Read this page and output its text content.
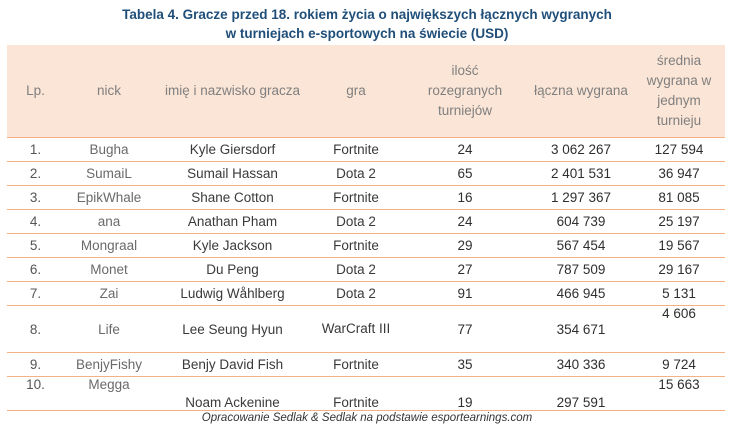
Tabela 4. Gracze przed 18. rokiem życia o największych łącznych wygranych
w turniejach e-sportowych na świecie (USD)
Lp.	nick	imię i nazwisko gracza	gra	ilość rozegranych turniejów	łączna wygrana	średnia wygrana w jednym turnieju
1.	Bugha	Kyle Giersdorf	Fortnite	24	3 062 267	127 594
2.	SumaiL	Sumail Hassan	Dota 2	65	2 401 531	36 947
3.	EpikWhale	Shane Cotton	Fortnite	16	1 297 367	81 085
4.	ana	Anathan Pham	Dota 2	24	604 739	25 197
5.	Mongraal	Kyle Jackson	Fortnite	29	567 454	19 567
6.	Monet	Du Peng	Dota 2	27	787 509	29 167
7.	Zai	Ludwig Wåhlberg	Dota 2	91	466 945	5 131
8.	Life	Lee Seung Hyun	WarCraft III	77	354 671	4 606
9.	BenjyFishy	Benjy David Fish	Fortnite	35	340 336	9 724
10.	Megga	Noam Ackenine	Fortnite	19	297 591	15 663
Opracowanie Sedlak & Sedlak na podstawie esportearnings.com
